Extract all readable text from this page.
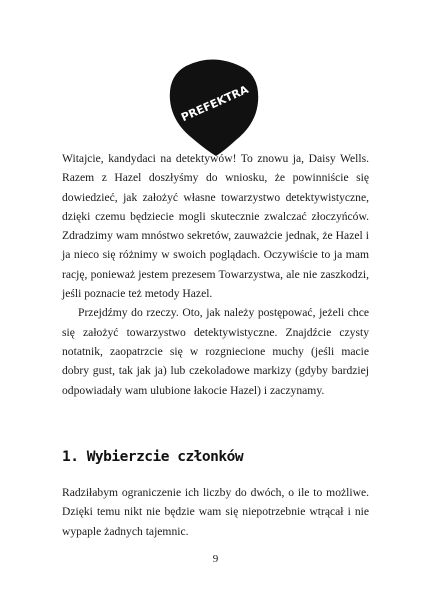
PREFEKTRA

Witajcie, kandydaci na detektywów! To znowu ja, Daisy Wells. Razem z Hazel doszłyśmy do wniosku, że powinniście się dowiedzieć, jak założyć własne towarzystwo detektywistyczne, dzięki czemu będziecie mogli skutecznie zwalczać złoczyńców. Zdradzimy wam mnóstwo sekretów, zauważcie jednak, że Hazel i ja nieco się różnimy w swoich poglądach. Oczywiście to ja mam rację, ponieważ jestem prezesem Towarzystwa, ale nie zaszkodzi, jeśli poznacie też metody Hazel.

Przejdźmy do rzeczy. Oto, jak należy postępować, jeżeli chce się założyć towarzystwo detektywistyczne. Znajdźcie czysty notatnik, zaopatrzcie się w rozgniecione muchy (jeśli macie dobry gust, tak jak ja) lub czekoladowe markizy (gdyby bardziej odpowiadały wam ulubione łakocie Hazel) i zaczynamy.

1. Wybierzcie członków

Radziłabym ograniczenie ich liczby do dwóch, o ile to możliwe. Dzięki temu nikt nie będzie wam się niepotrzebnie wtrącał i nie wypaple żadnych tajemnic.

9
